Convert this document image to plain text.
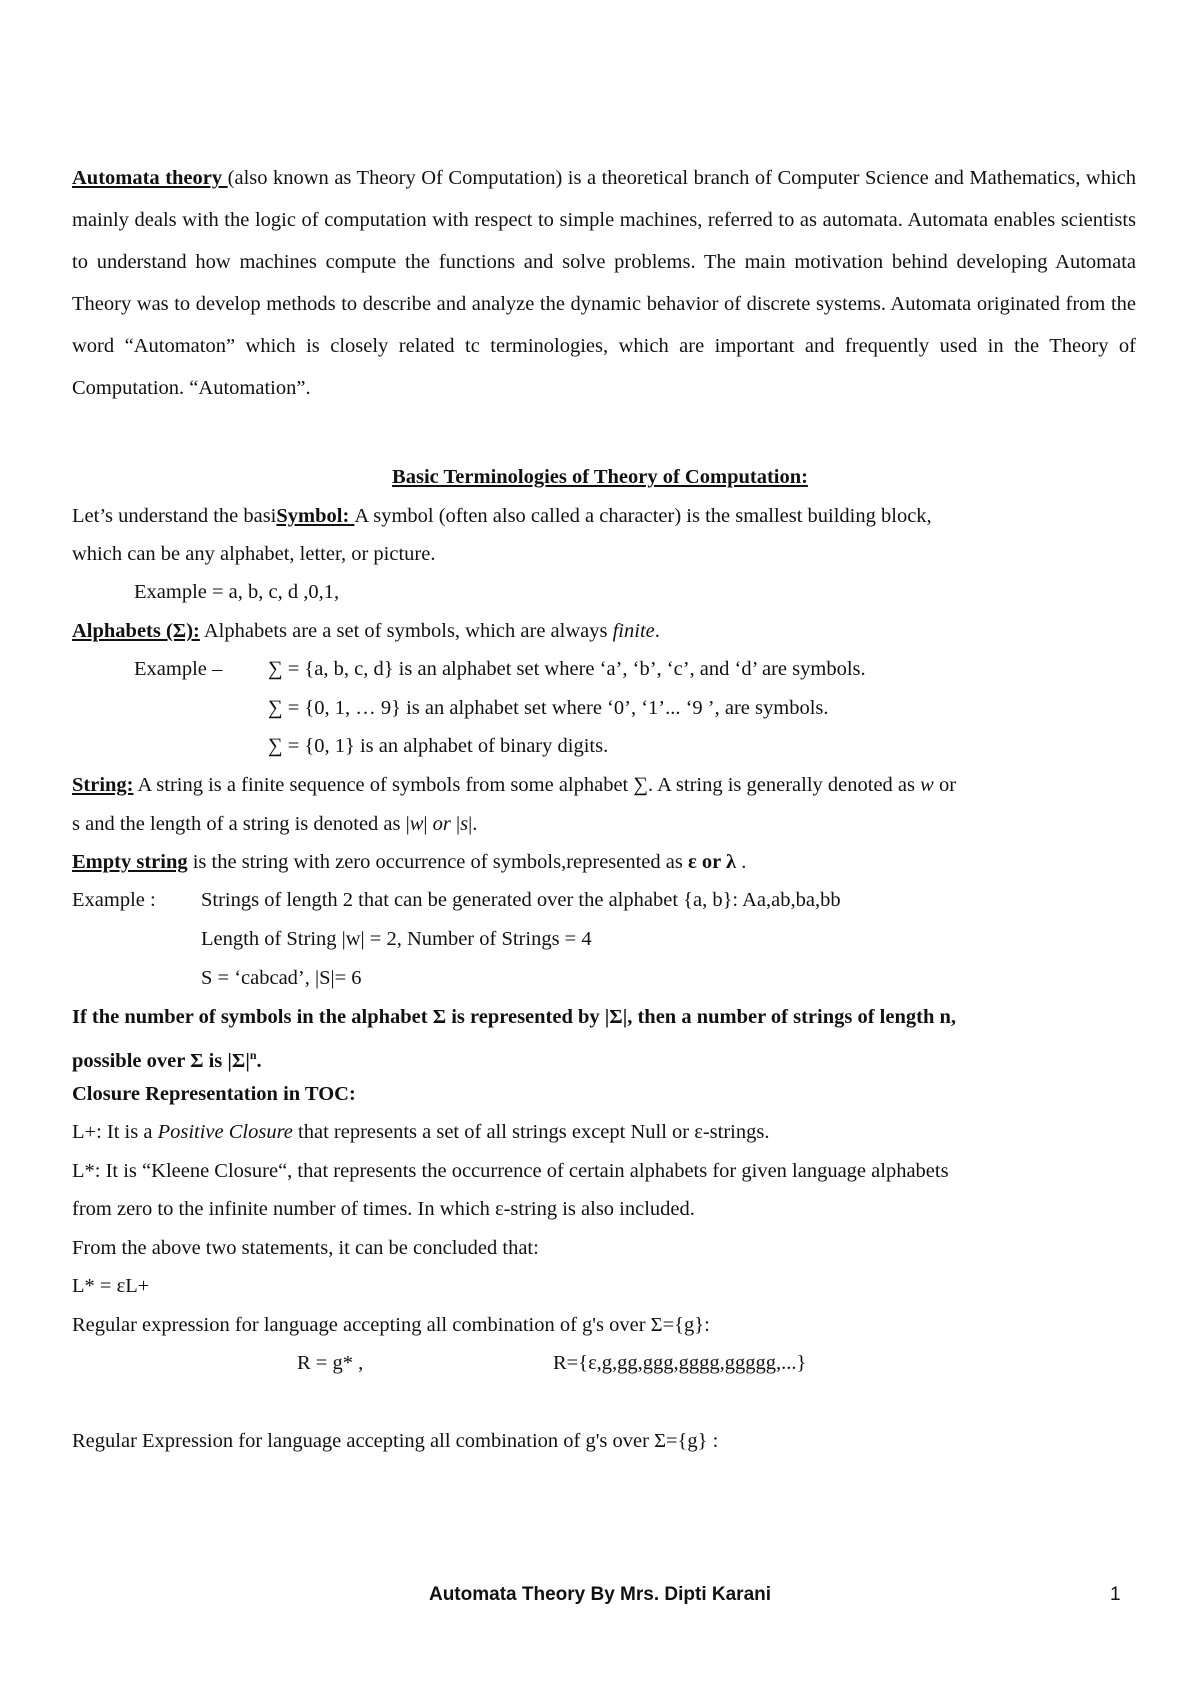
Automata theory (also known as Theory Of Computation) is a theoretical branch of Computer Science and Mathematics, which mainly deals with the logic of computation with respect to simple machines, referred to as automata. Automata enables scientists to understand how machines compute the functions and solve problems. The main motivation behind developing Automata Theory was to develop methods to describe and analyze the dynamic behavior of discrete systems. Automata originated from the word “Automaton” which is closely related tc terminologies, which are important and frequently used in the Theory of Computation. “Automation”.

Basic Terminologies of Theory of Computation:
Let’s understand the basiSymbol: A symbol (often also called a character) is the smallest building block,
which can be any alphabet, letter, or picture.
Example = a, b, c, d ,0,1,
Alphabets (Σ): Alphabets are a set of symbols, which are always finite.
Example – ∑ = {a, b, c, d} is an alphabet set where ‘a’, ‘b’, ‘c’, and ‘d’ are symbols.
∑ = {0, 1, … 9} is an alphabet set where ‘0’, ‘1’... ‘9 ’, are symbols.
∑ = {0, 1} is an alphabet of binary digits.
String: A string is a finite sequence of symbols from some alphabet ∑. A string is generally denoted as w or
s and the length of a string is denoted as |w| or |s|.
Empty string is the string with zero occurrence of symbols,represented as ε or λ .
Example : Strings of length 2 that can be generated over the alphabet {a, b}: Aa,ab,ba,bb
Length of String |w| = 2, Number of Strings = 4
S = ‘cabcad’, |S|= 6
If the number of symbols in the alphabet Σ is represented by |Σ|, then a number of strings of length n,
possible over Σ is $|\Sigma|^n$.
Closure Representation in TOC:
L+: It is a Positive Closure that represents a set of all strings except Null or ε-strings.
L*: It is “Kleene Closure“, that represents the occurrence of certain alphabets for given language alphabets
from zero to the infinite number of times. In which ε-string is also included.
From the above two statements, it can be concluded that:
L* = εL+
Regular expression for language accepting all combination of g's over Σ={g}:
R = g* ,	R={ε,g,gg,ggg,gggg,ggggg,...}
Regular Expression for language accepting all combination of g's over Σ={g} :
Automata Theory By Mrs. Dipti Karani	1
